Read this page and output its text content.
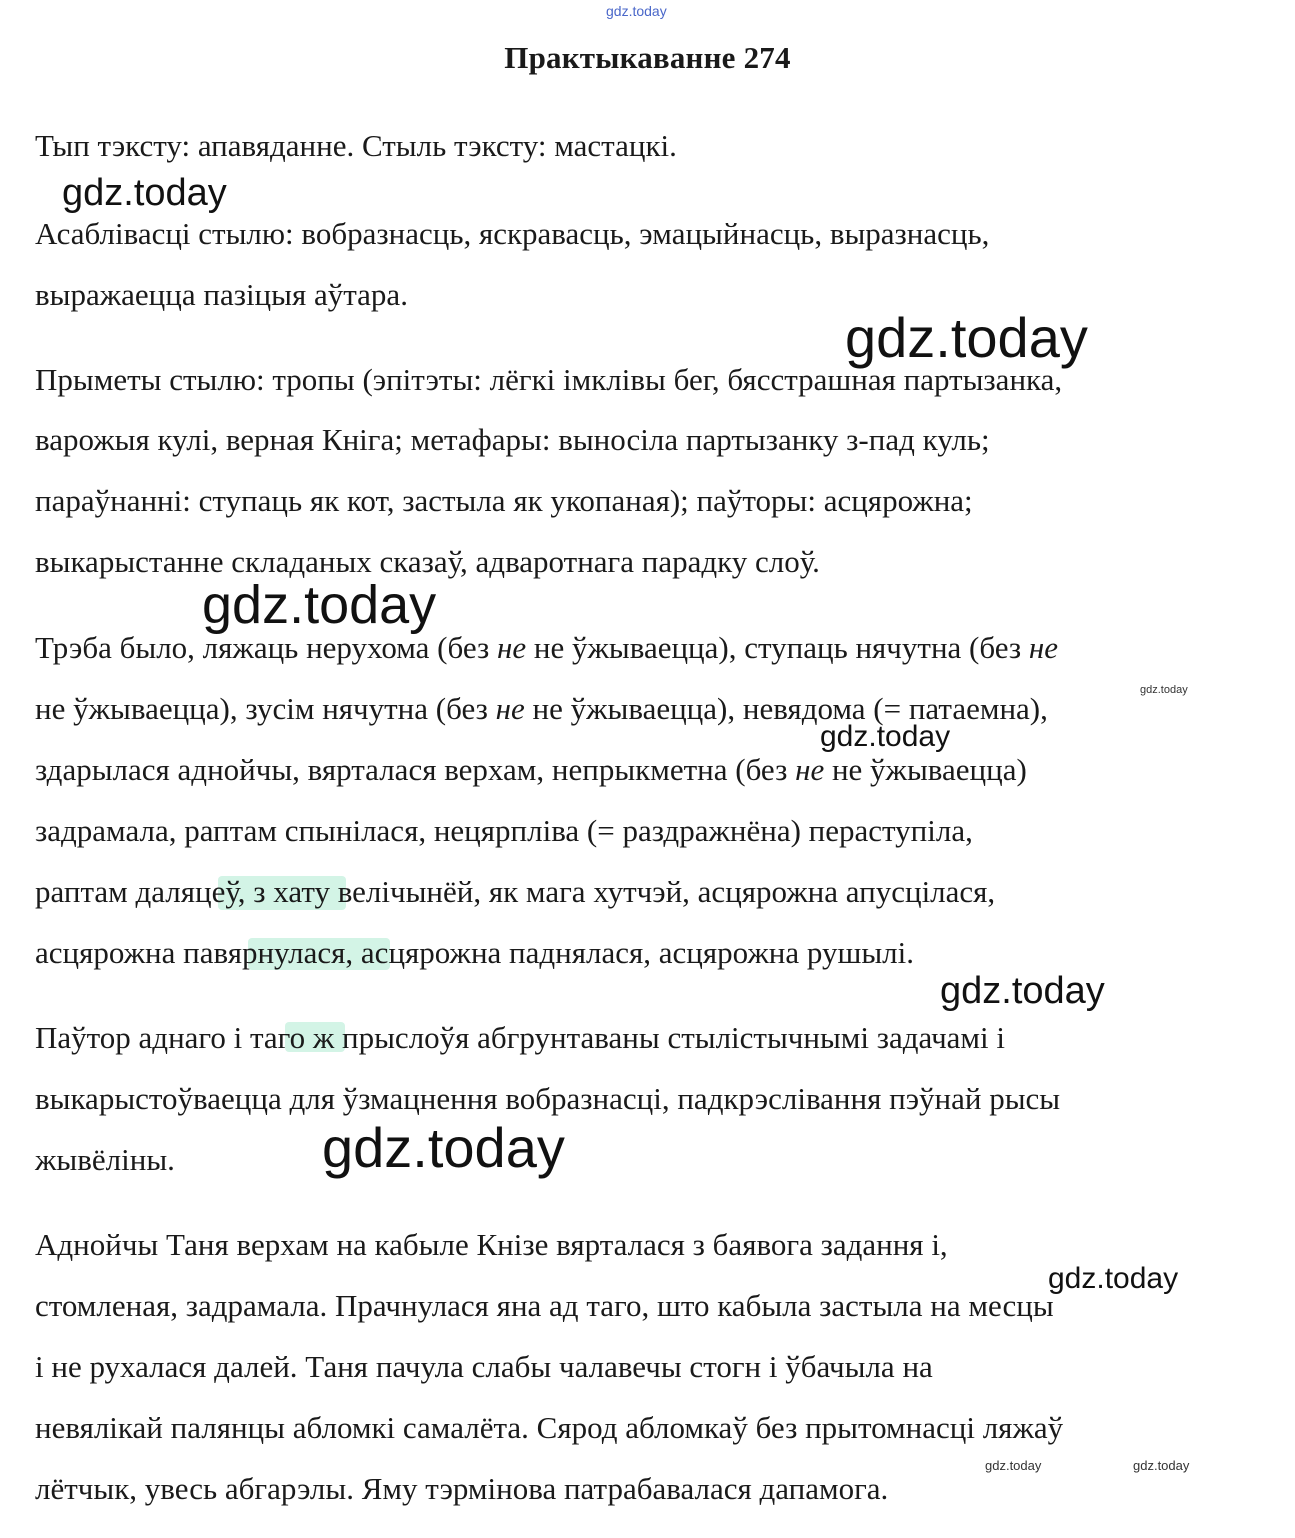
gdz.today
gdz.today
gdz.today
gdz.today
gdz.today
gdz.today
gdz.today
gdz.today
gdz.today
gdz.today	gdz.today
Практыкаванне 274
Тып тэксту: апавяданне. Стыль тэксту: мастацкі.
Асаблівасці стылю: вобразнасць, яскравасць, эмацыйнасць, выразнасць,
выражаецца пазіцыя аўтара.
Прыметы стылю: тропы (эпітэты: лёгкі імклівы бег, бясстрашная партызанка,
варожыя кулі, верная Кніга; метафары: выносіла партызанку з-пад куль;
параўнанні: ступаць як кот, застыла як укопаная); паўторы: асцярожна;
выкарыстанне складаных сказаў, адваротнага парадку слоў.
Трэба было, ляжаць нерухома (без не не ўжываецца), ступаць нячутна (без не
не ўжываецца), зусім нячутна (без не не ўжываецца), невядома (= патаемна),
здарылася аднойчы, вярталася верхам, непрыкметна (без не не ўжываецца)
задрамала, раптам спынілася, нецярплiва (= раздражнёна) пераступіла,
раптам даляцеў, з хату велічынёй, як мага хутчэй, асцярожна апусцілася,
асцярожна павярнулася, асцярожна паднялася, асцярожна рушылі.
Паўтор аднаго і таго ж прыслоўя абгрунтаваны стылістычнымі задачамі і
выкарыстоўваецца для ўзмацнення вобразнасці, падкрэслівання пэўнай рысы
жывёліны.
Аднойчы Таня верхам на кабыле Кнізе вярталася з баявога задання і,
стомленая, задрамала. Прачнулася яна ад таго, што кабыла застыла на месцы
і не рухалася далей. Таня пачула слабы чалавечы стогн і ўбачыла на
невялікай палянцы абломкі самалёта. Сярод абломкаў без прытомнасці ляжаў
лётчык, увесь абгарэлы. Яму тэрмінова патрабавалася дапамога.
